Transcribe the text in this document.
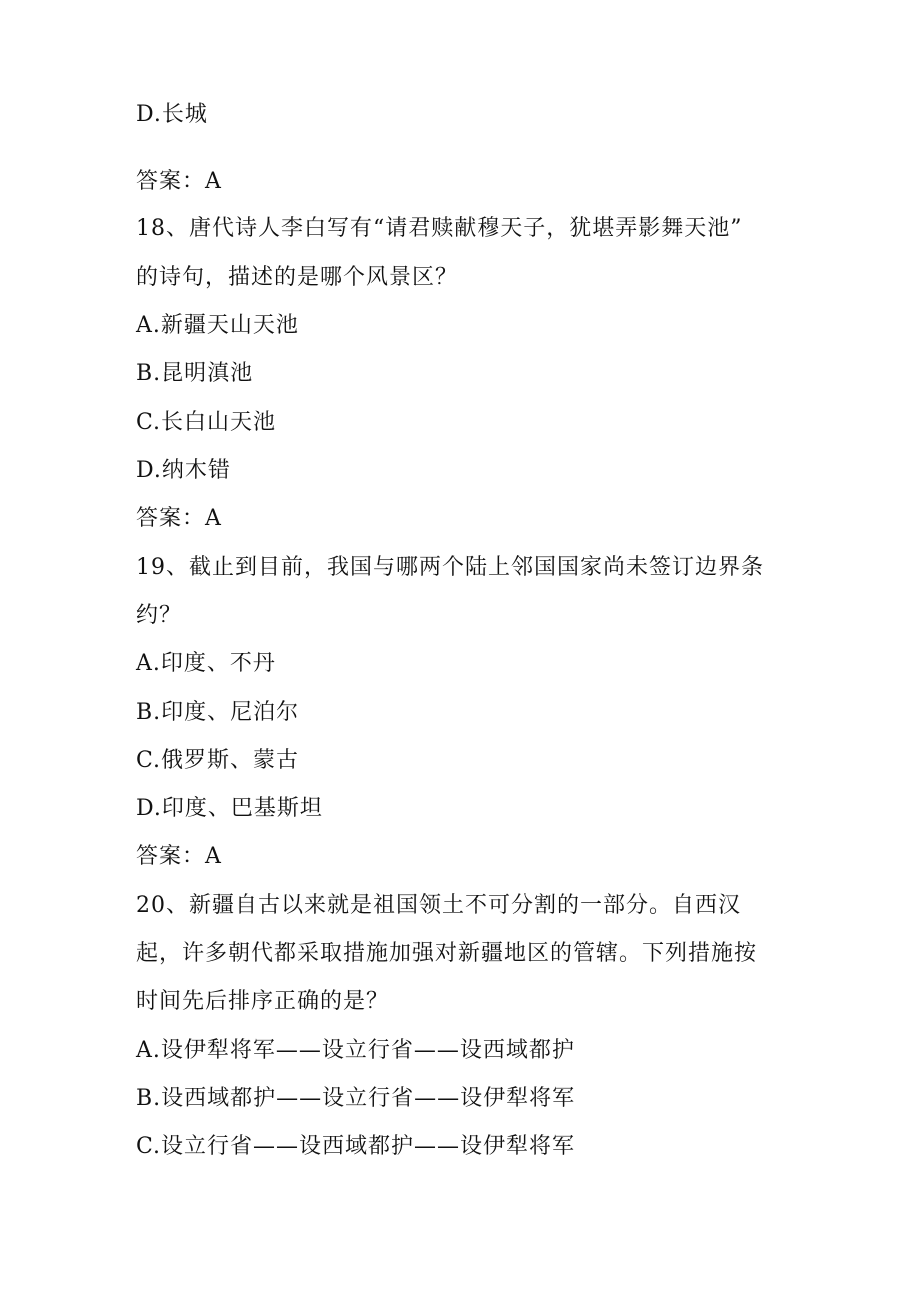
D.长城
答案：A
18、唐代诗人李白写有“请君赎献穆天子，犹堪弄影舞天池”
的诗句，描述的是哪个风景区？
A.新疆天山天池
B.昆明滇池
C.长白山天池
D.纳木错
答案：A
19、截止到目前，我国与哪两个陆上邻国国家尚未签订边界条
约？
A.印度、不丹
B.印度、尼泊尔
C.俄罗斯、蒙古
D.印度、巴基斯坦
答案：A
20、新疆自古以来就是祖国领土不可分割的一部分。自西汉
起，许多朝代都采取措施加强对新疆地区的管辖。下列措施按
时间先后排序正确的是？
A.设伊犁将军——设立行省——设西域都护
B.设西域都护——设立行省——设伊犁将军
C.设立行省——设西域都护——设伊犁将军
